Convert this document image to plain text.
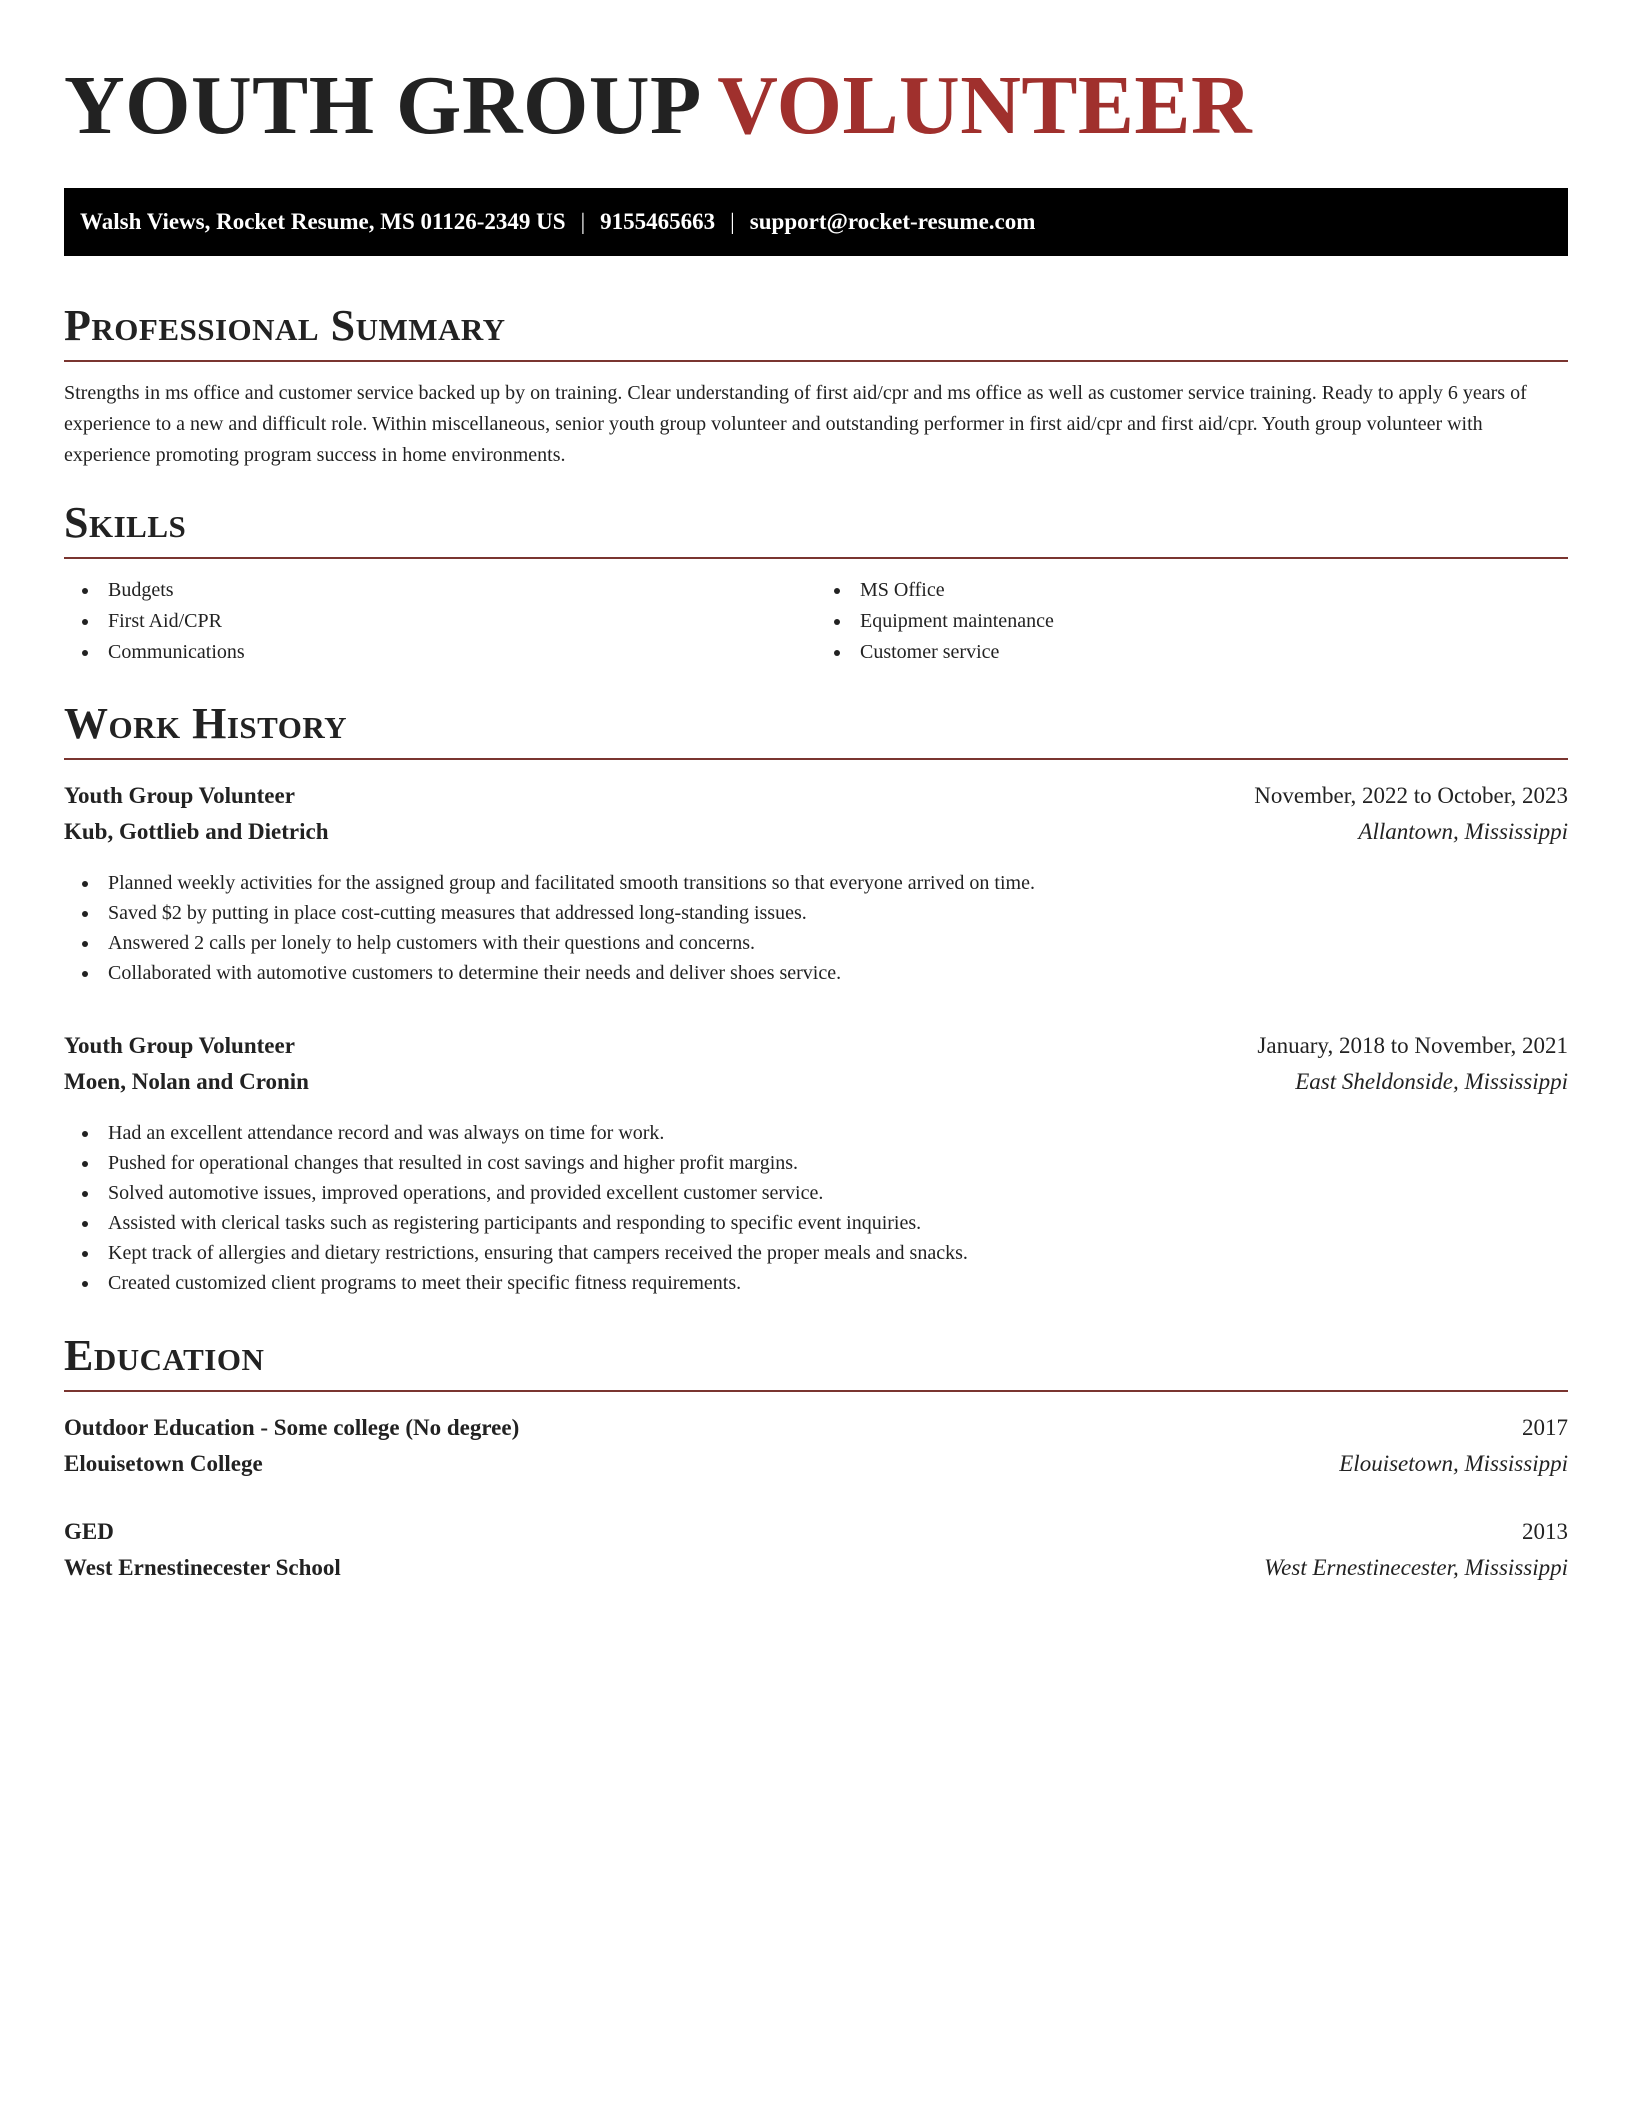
YOUTH GROUP VOLUNTEER
Walsh Views, Rocket Resume, MS 01126-2349 US | 9155465663 | support@rocket-resume.com
Professional Summary

Strengths in ms office and customer service backed up by on training. Clear understanding of first aid/cpr and ms office as well as customer service training. Ready to apply 6 years of experience to a new and difficult role. Within miscellaneous, senior youth group volunteer and outstanding performer in first aid/cpr and first aid/cpr. Youth group volunteer with experience promoting program success in home environments.

Skills
Budgets
First Aid/CPR
Communications
MS Office
Equipment maintenance
Customer service
Work History
Youth Group Volunteer	November, 2022 to October, 2023
Kub, Gottlieb and Dietrich	Allantown, Mississippi
Planned weekly activities for the assigned group and facilitated smooth transitions so that everyone arrived on time.
Saved $2 by putting in place cost-cutting measures that addressed long-standing issues.
Answered 2 calls per lonely to help customers with their questions and concerns.
Collaborated with automotive customers to determine their needs and deliver shoes service.
Youth Group Volunteer	January, 2018 to November, 2021
Moen, Nolan and Cronin	East Sheldonside, Mississippi
Had an excellent attendance record and was always on time for work.
Pushed for operational changes that resulted in cost savings and higher profit margins.
Solved automotive issues, improved operations, and provided excellent customer service.
Assisted with clerical tasks such as registering participants and responding to specific event inquiries.
Kept track of allergies and dietary restrictions, ensuring that campers received the proper meals and snacks.
Created customized client programs to meet their specific fitness requirements.
Education
Outdoor Education - Some college (No degree)	2017
Elouisetown College	Elouisetown, Mississippi
GED	2013
West Ernestinecester School	West Ernestinecester, Mississippi
